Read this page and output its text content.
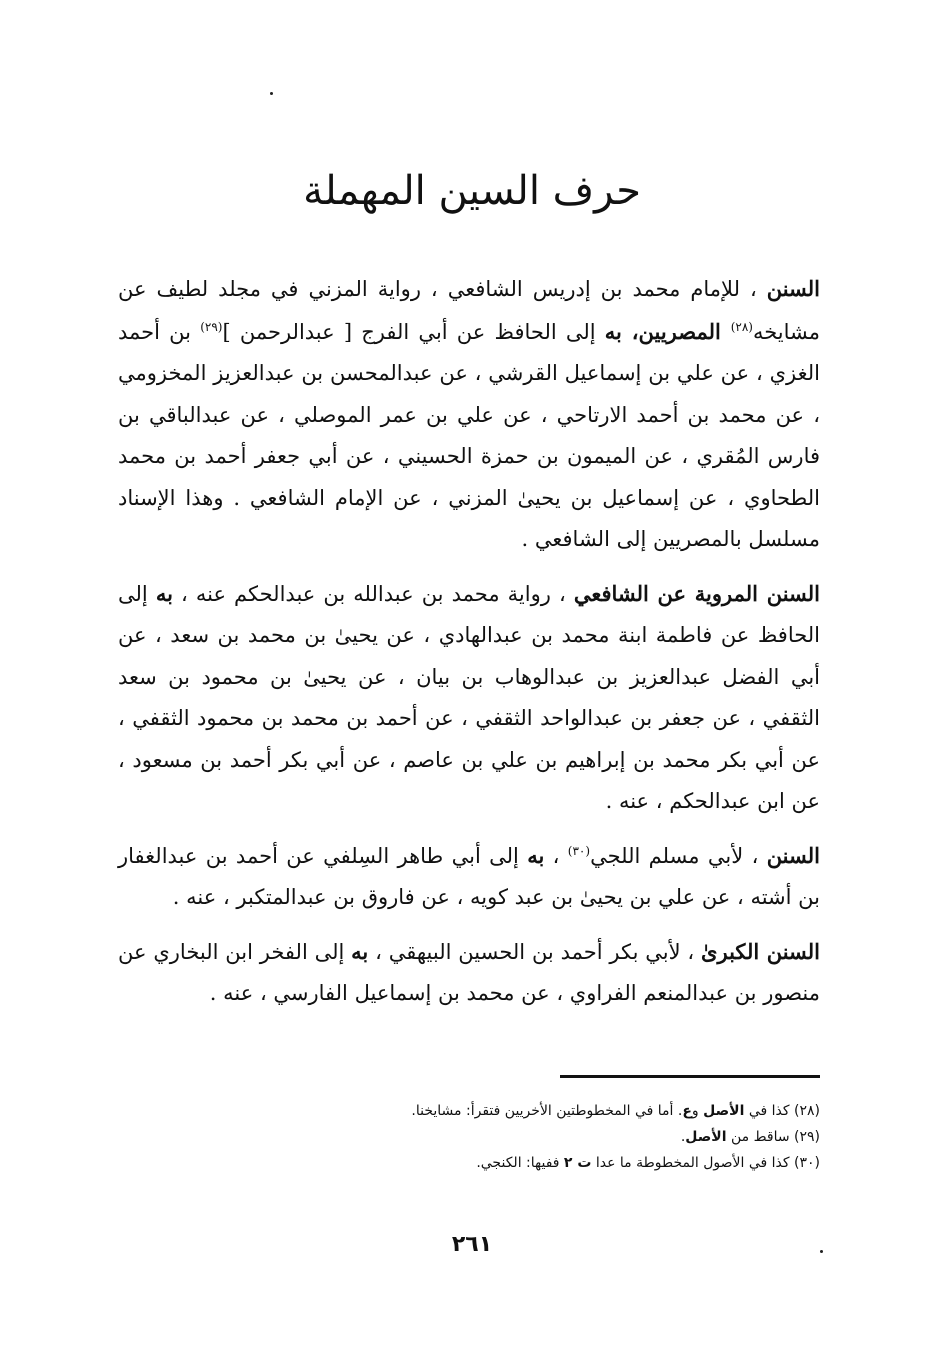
حرف السين المهملة

السنن ، للإمام محمد بن إدريس الشافعي ، رواية المزني في مجلد لطيف عن مشايخه$^{(٢٨)}$ المصريين، به إلى الحافظ عن أبي الفرج [ عبدالرحمن ]$^{(٢٩)}$ بن أحمد الغزي ، عن علي بن إسماعيل القرشي ، عن عبدالمحسن بن عبدالعزيز المخزومي ، عن محمد بن أحمد الارتاحي ، عن علي بن عمر الموصلي ، عن عبدالباقي بن فارس المُقري ، عن الميمون بن حمزة الحسيني ، عن أبي جعفر أحمد بن محمد الطحاوي ، عن إسماعيل بن يحيىٰ المزني ، عن الإمام الشافعي . وهذا الإسناد مسلسل بالمصريين إلى الشافعي .

السنن المروية عن الشافعي ، رواية محمد بن عبدالله بن عبدالحكم عنه ، به إلى الحافظ عن فاطمة ابنة محمد بن عبدالهادي ، عن يحيىٰ بن محمد بن سعد ، عن أبي الفضل عبدالعزيز بن عبدالوهاب بن بيان ، عن يحيىٰ بن محمود بن سعد الثقفي ، عن جعفر بن عبدالواحد الثقفي ، عن أحمد بن محمد بن محمود الثقفي ، عن أبي بكر محمد بن إبراهيم بن علي بن عاصم ، عن أبي بكر أحمد بن مسعود ، عن ابن عبدالحكم ، عنه .

السنن ، لأبي مسلم اللجي$^{(٣٠)}$ ، به إلى أبي طاهر السِلفي عن أحمد بن عبدالغفار بن أشته ، عن علي بن يحيىٰ بن عبد كويه ، عن فاروق بن عبدالمتكبر ، عنه .

السنن الكبرىٰ ، لأبي بكر أحمد بن الحسين البيهقي ، به إلى الفخر ابن البخاري عن منصور بن عبدالمنعم الفراوي ، عن محمد بن إسماعيل الفارسي ، عنه .

(٢٨) كذا في الأصل وع. أما في المخطوطتين الأخريين فتقرأ: مشايخنا.
(٢٩) ساقط من الأصل.
(٣٠) كذا في الأصول المخطوطة ما عدا ت ٢ ففيها: الكنجي.
٢٦١
